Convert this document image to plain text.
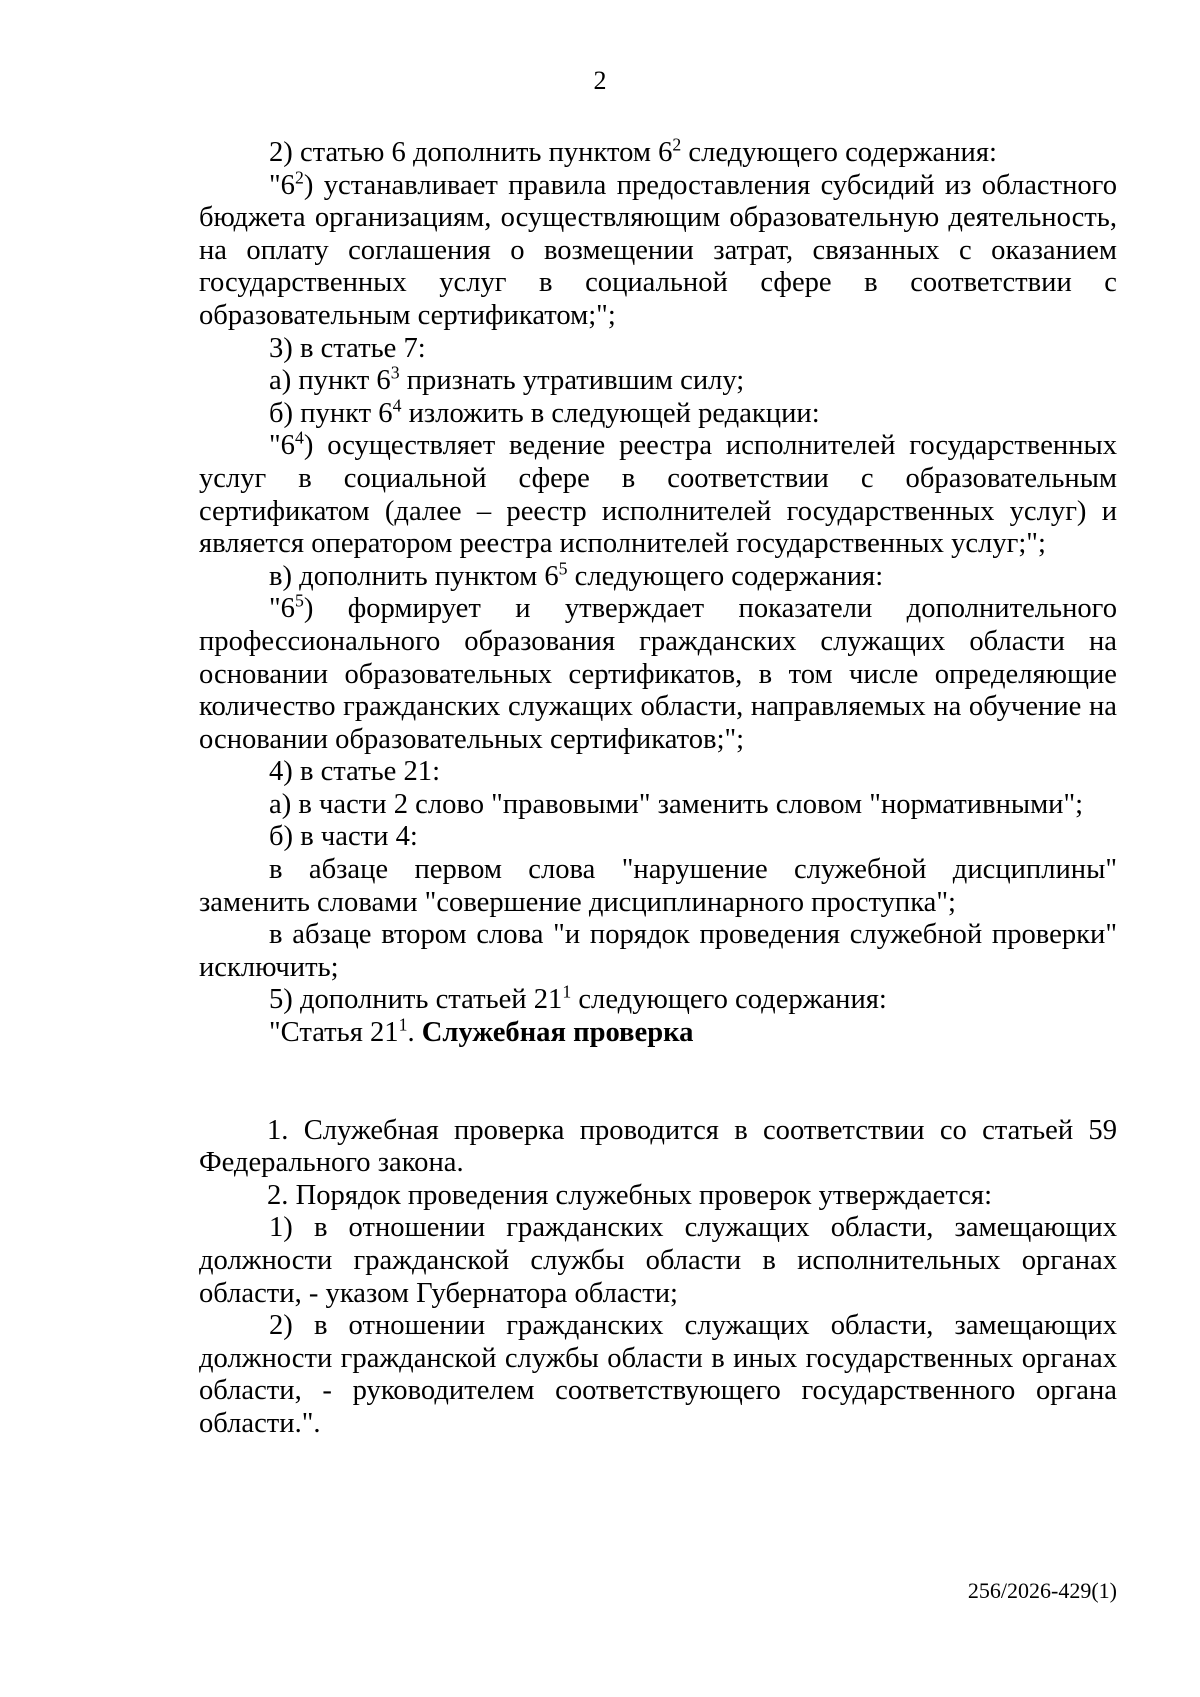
2

2) статью 6 дополнить пунктом $6^2$ следующего содержания:

"$6^2$) устанавливает правила предоставления субсидий из областного бюджета организациям, осуществляющим образовательную деятельность, на оплату соглашения о возмещении затрат, связанных с оказанием государственных услуг в социальной сфере в соответствии с образовательным сертификатом;";

3) в статье 7:

а) пункт $6^3$ признать утратившим силу;

б) пункт $6^4$ изложить в следующей редакции:

"$6^4$) осуществляет ведение реестра исполнителей государственных услуг в социальной сфере в соответствии с образовательным сертификатом (далее – реестр исполнителей государственных услуг) и является оператором реестра исполнителей государственных услуг;";

в) дополнить пунктом $6^5$ следующего содержания:

"$6^5$) формирует и утверждает показатели дополнительного профессионального образования гражданских служащих области на основании образовательных сертификатов, в том числе определяющие количество гражданских служащих области, направляемых на обучение на основании образовательных сертификатов;";

4) в статье 21:

а) в части 2 слово "правовыми" заменить словом "нормативными";

б) в части 4:

в абзаце первом слова "нарушение служебной дисциплины" заменить словами "совершение дисциплинарного проступка";

в абзаце втором слова "и порядок проведения служебной проверки" исключить;

5) дополнить статьей $21^1$ следующего содержания:

"Статья $21^1$. Служебная проверка

1. Служебная проверка проводится в соответствии со статьей 59 Федерального закона.

2. Порядок проведения служебных проверок утверждается:

1) в отношении гражданских служащих области, замещающих должности гражданской службы области в исполнительных органах области, - указом Губернатора области;

2) в отношении гражданских служащих области, замещающих должности гражданской службы области в иных государственных органах области, - руководителем соответствующего государственного органа области.".

256/2026-429(1)
